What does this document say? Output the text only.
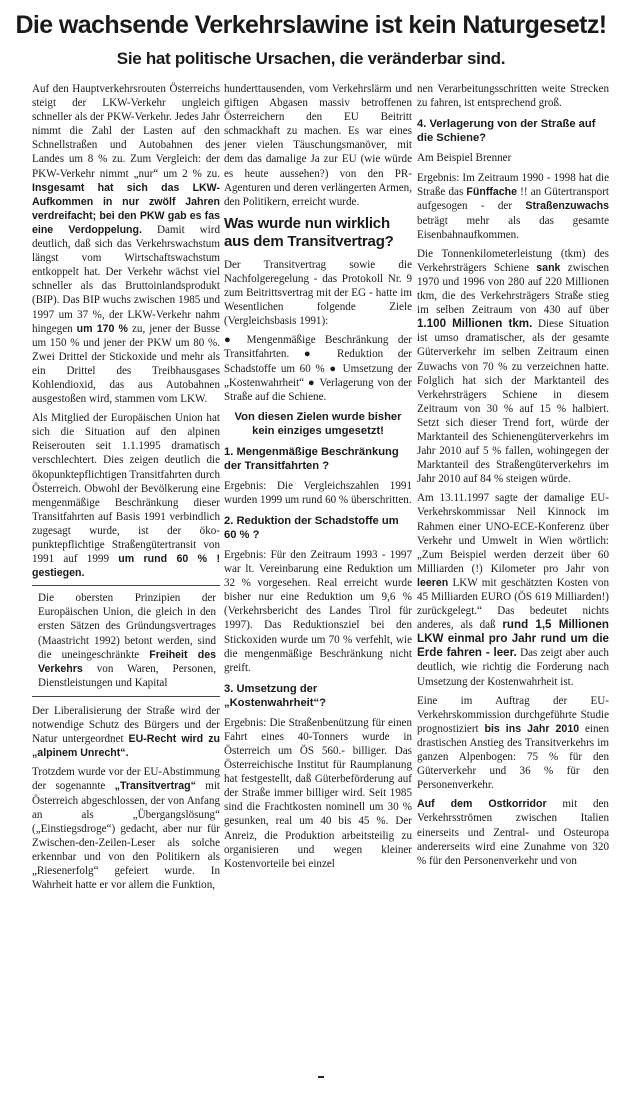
Die wachsende Verkehrslawine ist kein Naturgesetz!
Sie hat politische Ursachen, die veränderbar sind.

Auf den Hauptverkehrsrouten Österreichs steigt der LKW-Verkehr ungleich schneller als der PKW-Verkehr. Jedes Jahr nimmt die Zahl der Lasten auf den Schnellstraßen und Autobahnen des Landes um 8 % zu. Zum Vergleich: der PKW-Verkehr nimmt „nur“ um 2 % zu. Insgesamt hat sich das LKW-Aufkommen in nur zwölf Jahren verdreifacht; bei den PKW gab es fas eine Verdoppelung. Damit wird deutlich, daß sich das Verkehrswachstum längst vom Wirtschaftswachstum entkoppelt hat. Der Verkehr wächst viel schneller als das Bruttoinlandsprodukt (BIP). Das BIP wuchs zwischen 1985 und 1997 um 37 %, der LKW-Verkehr nahm hingegen um 170 % zu, jener der Busse um 150 % und jener der PKW um 80 %. Zwei Drittel der Stickoxide und mehr als ein Drittel des Treibhausgases Kohlendioxid, das aus Autobahnen ausgestoßen wird, stammen vom LKW.

Als Mitglied der Europäischen Union hat sich die Situation auf den alpinen Reiserouten seit 1.1.1995 dramatisch verschlechtert. Dies zeigen deutlich die ökopunktepflichtigen Transitfahrten durch Österreich. Obwohl der Bevölkerung eine mengenmäßige Beschränkung dieser Transitfahrten auf Basis 1991 verbindlich zugesagt wurde, ist der öko-punktepflichtige Straßengütertransit von 1991 auf 1999 um rund 60 % ! gestiegen.

Die obersten Prinzipien der Europäischen Union, die gleich in den ersten Sätzen des Gründungsvertrages (Maastricht 1992) betont werden, sind die uneingeschränkte Freiheit des Verkehrs von Waren, Personen, Dienstleistungen und Kapital

Der Liberalisierung der Straße wird der notwendige Schutz des Bürgers und der Natur untergeordnet EU-Recht wird zu „alpinem Unrecht“.

Trotzdem wurde vor der EU-Abstimmung der sogenannte „Transitvertrag“ mit Österreich abgeschlossen, der von Anfang an als „Übergangslösung“ („Einstiegsdroge“) gedacht, aber nur für Zwischen-den-Zeilen-Leser als solche erkennbar und von den Politikern als „Riesenerfolg“ gefeiert wurde. In Wahrheit hatte er vor allem die Funktion,

hunderttausenden, vom Verkehrslärm und giftigen Abgasen massiv betroffenen Österreichern den EU Beitritt schmackhaft zu machen. Es war eines jener vielen Täuschungsmanöver, mit dem das damalige Ja zur EU (wie würde es heute aussehen?) von den PR-Agenturen und deren verlängerten Armen, den Politikern, erreicht wurde.

Was wurde nun wirklich aus dem Transitvertrag?

Der Transitvertrag sowie die Nachfolgeregelung - das Protokoll Nr. 9 zum Beitrittsvertrag mit der EG - hatte im Wesentlichen folgende Ziele (Vergleichsbasis 1991):

● Mengenmäßige Beschränkung der Transitfahrten. ● Reduktion der Schadstoffe um 60 % ● Umsetzung der „Kostenwahrheit“ ● Verlagerung von der Straße auf die Schiene.

Von diesen Zielen wurde bisher kein einziges umgesetzt!
1. Mengenmäßige Beschränkung der Transitfahrten ?

Ergebnis: Die Vergleichszahlen 1991 wurden 1999 um rund 60 % überschritten.

2. Reduktion der Schadstoffe um 60 % ?

Ergebnis: Für den Zeitraum 1993 - 1997 war lt. Vereinbarung eine Reduktion um 32 % vorgesehen. Real erreicht wurde bisher nur eine Reduktion um 9,6 % (Verkehrsbericht des Landes Tirol für 1997). Das Reduktionsziel bei den Stickoxiden wurde um 70 % verfehlt, wie die mengenmäßige Beschränkung nicht greift.

3. Umsetzung der „Kostenwahrheit“?

Ergebnis: Die Straßenbenützung für einen Fahrt eines 40-Tonners wurde in Österreich um ÖS 560.- billiger. Das Österreichische Institut für Raumplanung hat festgestellt, daß Güterbeförderung auf der Straße immer billiger wird. Seit 1985 sind die Frachtkosten nominell um 30 % gesunken, real um 40 bis 45 %. Der Anreiz, die Produktion arbeitsteilig zu organisieren und wegen kleiner Kostenvorteile bei einzel

nen Verarbeitungsschritten weite Strecken zu fahren, ist entsprechend groß.

4. Verlagerung von der Straße auf die Schiene?
Am Beispiel Brenner

Ergebnis: Im Zeitraum 1990 - 1998 hat die Straße das Fünffache !! an Gütertransport aufgesogen - der Straßenzuwachs beträgt mehr als das gesamte Eisenbahnaufkommen.

Die Tonnenkilometerleistung (tkm) des Verkehrsträgers Schiene sank zwischen 1970 und 1996 von 280 auf 220 Millionen tkm, die des Verkehrsträgers Straße stieg im selben Zeitraum von 430 auf über 1.100 Millionen tkm. Diese Situation ist umso dramatischer, als der gesamte Güterverkehr im selben Zeitraum einen Zuwachs von 70 % zu verzeichnen hatte. Folglich hat sich der Marktanteil des Verkehrsträgers Schiene in diesem Zeitraum von 30 % auf 15 % halbiert. Setzt sich dieser Trend fort, würde der Marktanteil des Schienengüterverkehrs im Jahr 2010 auf 5 % fallen, wohingegen der Marktanteil des Straßengüterverkehrs im Jahr 2010 auf 84 % steigen würde.

Am 13.11.1997 sagte der damalige EU-Verkehrskommissar Neil Kinnock im Rahmen einer UNO-ECE-Konferenz über Verkehr und Umwelt in Wien wörtlich: „Zum Beispiel werden derzeit über 60 Milliarden (!) Kilometer pro Jahr von leeren LKW mit geschätzten Kosten von 45 Milliarden EURO (ÖS 619 Milliarden!) zurückgelegt.“ Das bedeutet nichts anderes, als daß rund 1,5 Millionen LKW einmal pro Jahr rund um die Erde fahren - leer. Das zeigt aber auch deutlich, wie richtig die Forderung nach Umsetzung der Kostenwahrheit ist.

Eine im Auftrag der EU-Verkehrskommission durchgeführte Studie prognostiziert bis ins Jahr 2010 einen drastischen Anstieg des Transitverkehrs im ganzen Alpenbogen: 75 % für den Güterverkehr und 36 % für den Personenverkehr.

Auf dem Ostkorridor mit den Verkehrsströmen zwischen Italien einerseits und Zentral- und Osteuropa andererseits wird eine Zunahme von 320 % für den Personenverkehr und von
